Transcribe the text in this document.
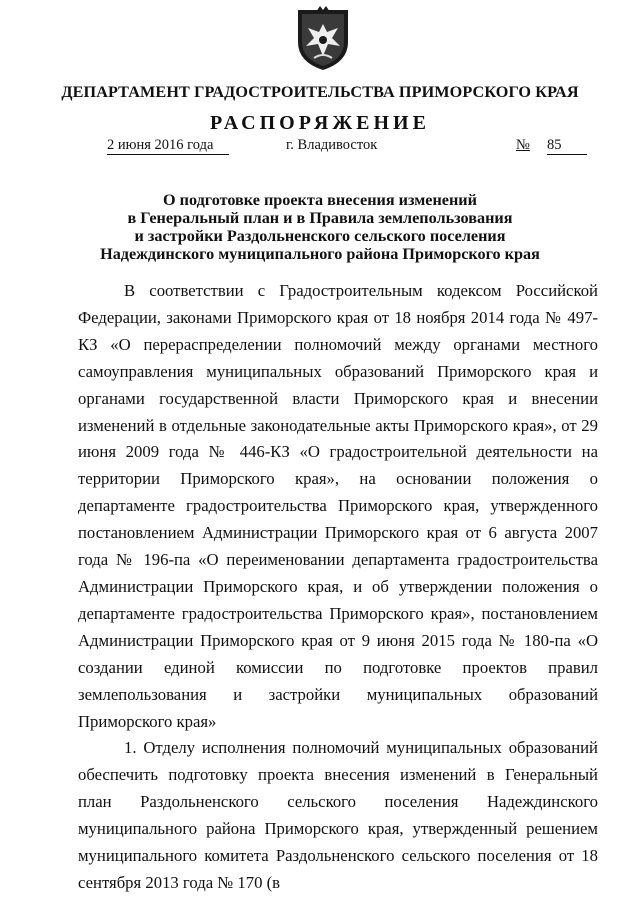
ДЕПАРТАМЕНТ ГРАДОСТРОИТЕЛЬСТВА ПРИМОРСКОГО КРАЯ
РАСПОРЯЖЕНИЕ
2 июня 2016 года	г. Владивосток	№ 85
О подготовке проекта внесения изменений
в Генеральный план и в Правила землепользования
и застройки Раздольненского сельского поселения
Надеждинского муниципального района Приморского края

В соответствии с Градостроительным кодексом Российской Федерации, законами Приморского края от 18 ноября 2014 года № 497-КЗ «О перераспределении полномочий между органами местного самоуправления муниципальных образований Приморского края и органами государственной власти Приморского края и внесении изменений в отдельные законодательные акты Приморского края», от 29 июня 2009 года № 446-КЗ «О градостроительной деятельности на территории Приморского края», на основании положения о департаменте градостроительства Приморского края, утвержденного постановлением Администрации Приморского края от 6 августа 2007 года № 196-па «О переименовании департамента градостроительства Администрации Приморского края, и об утверждении положения о департаменте градостроительства Приморского края», постановлением Администрации Приморского края от 9 июня 2015 года № 180-па «О создании единой комиссии по подготовке проектов правил землепользования и застройки муниципальных образований Приморского края»

1. Отделу исполнения полномочий муниципальных образований обеспечить подготовку проекта внесения изменений в Генеральный план Раздольненского сельского поселения Надеждинского муниципального района Приморского края, утвержденный решением муниципального комитета Раздольненского сельского поселения от 18 сентября 2013 года № 170 (в
